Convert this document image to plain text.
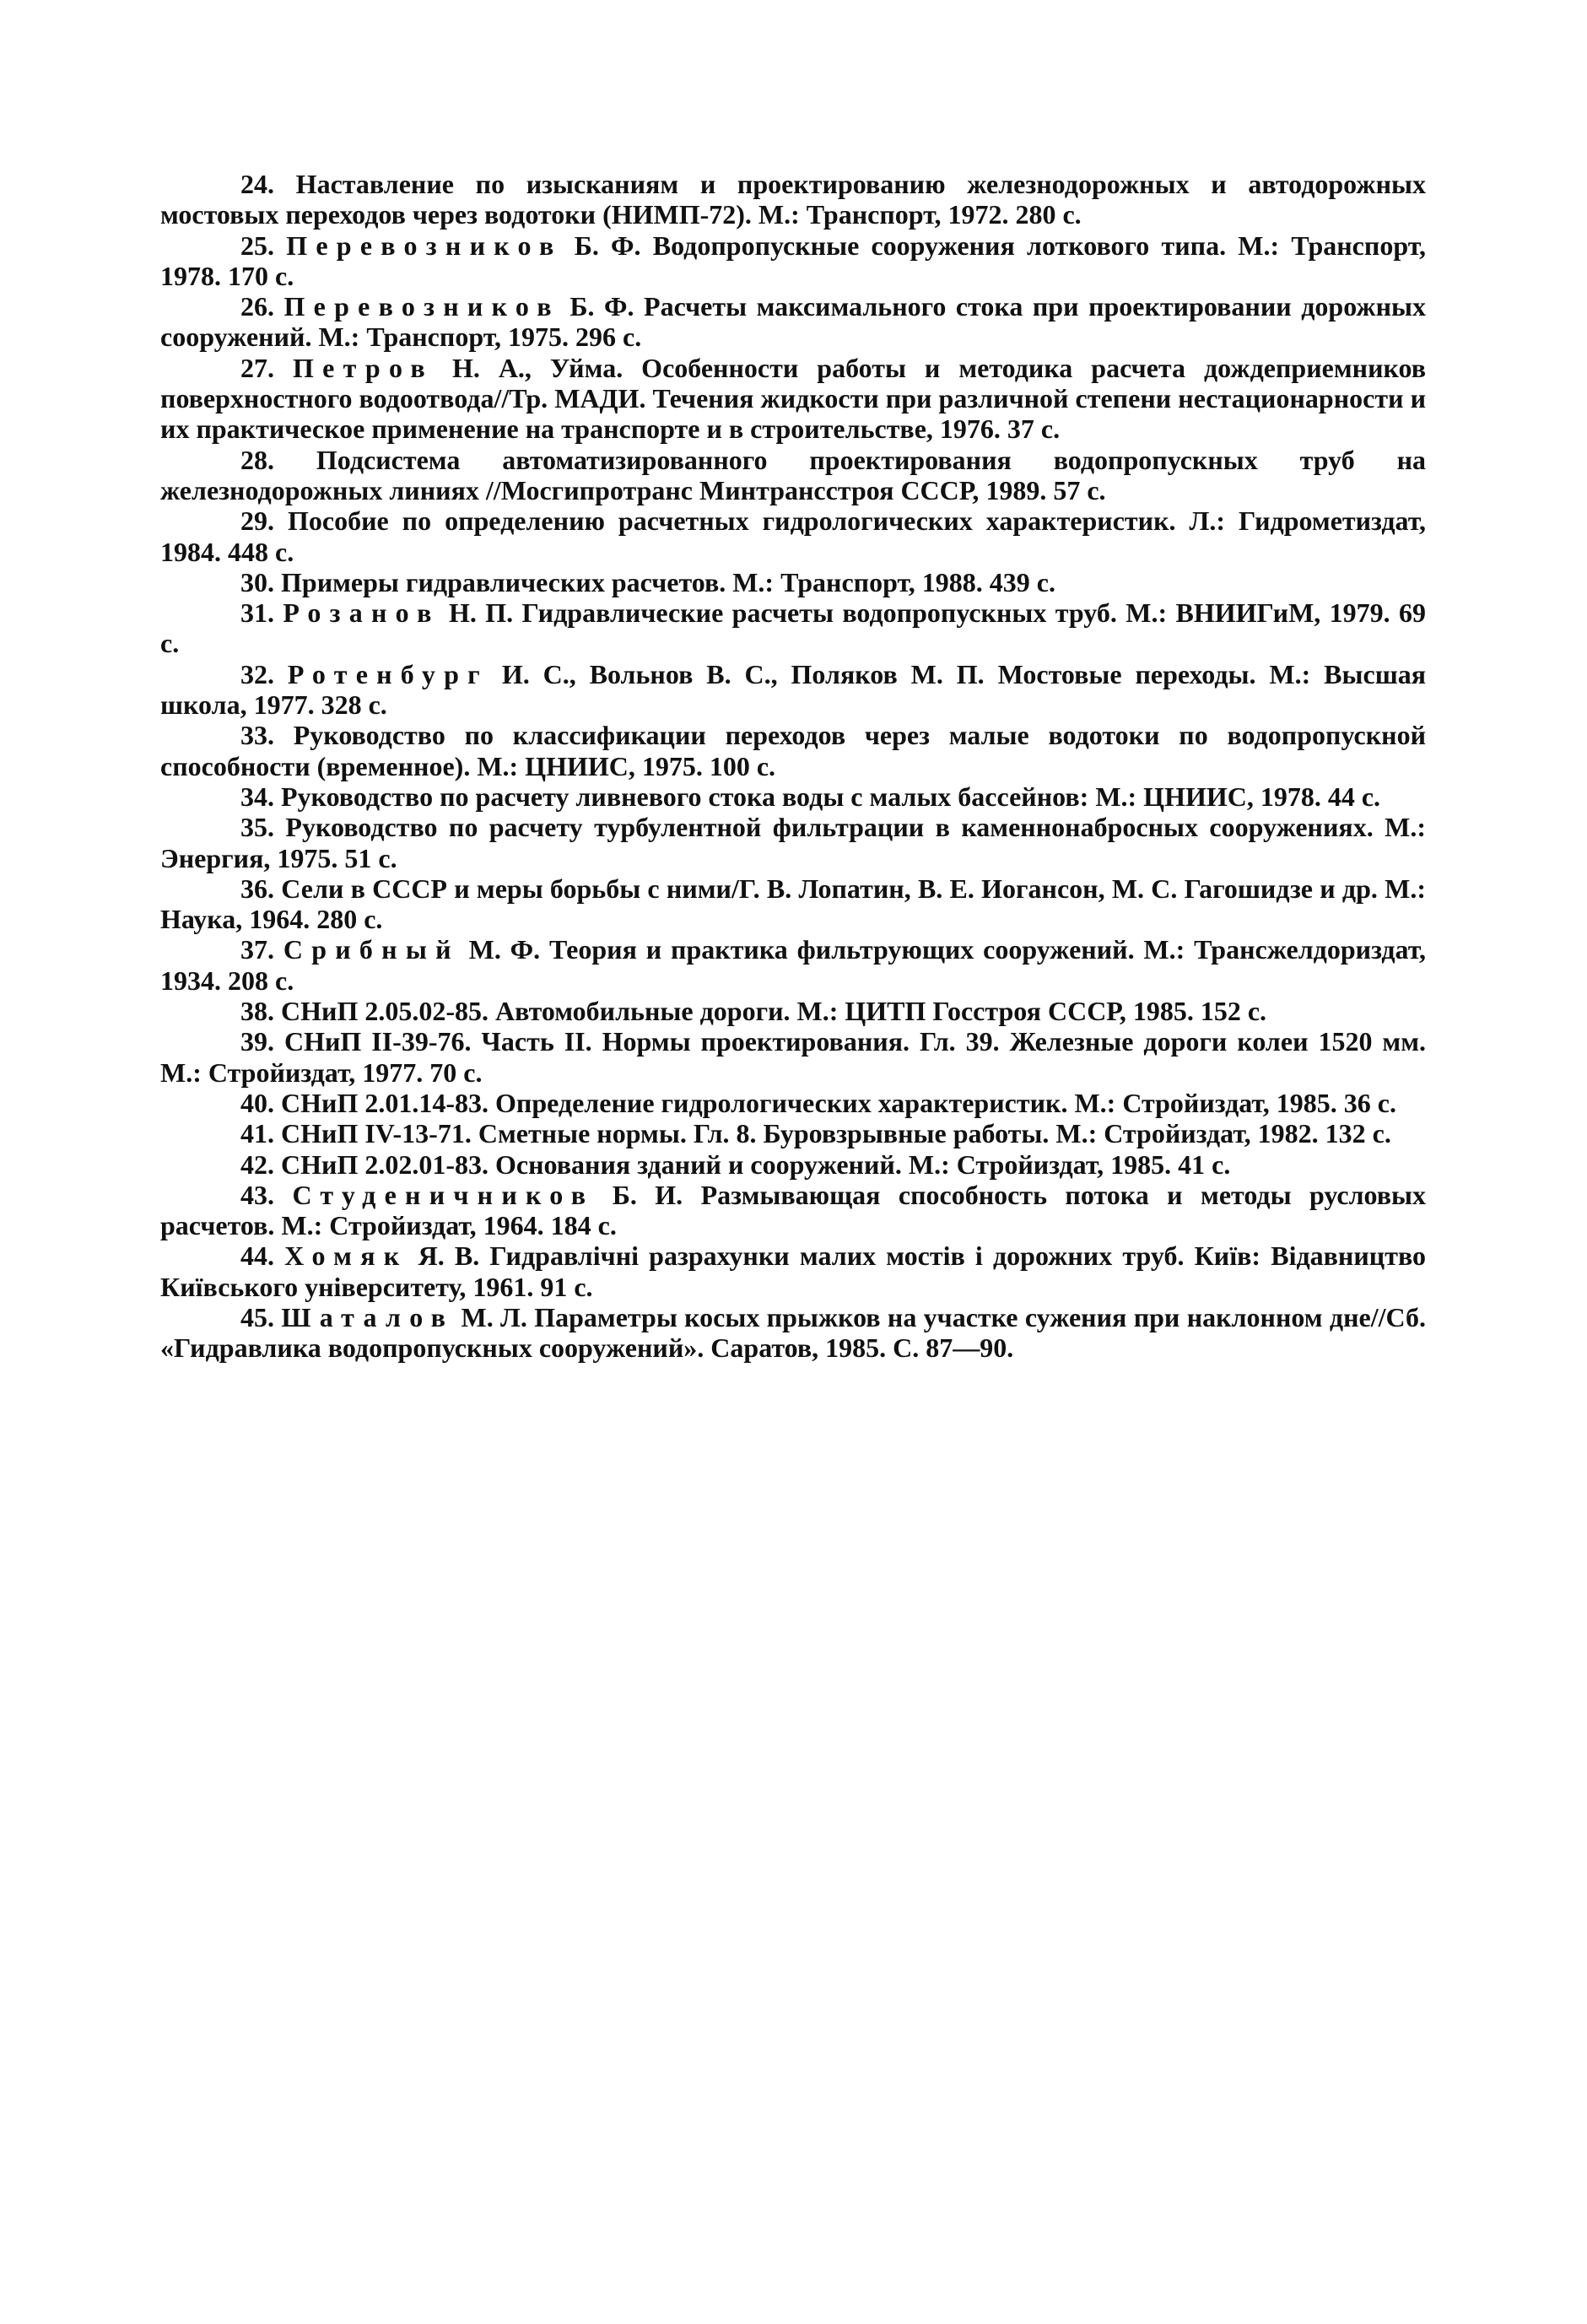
24. Наставление по изысканиям и проектированию железнодорожных и автодорожных мостовых переходов через водотоки (НИМП-72). М.: Транспорт, 1972. 280 с.

25. Перевозников Б. Ф. Водопропускные сооружения лоткового типа. М.: Транспорт, 1978. 170 с.

26. Перевозников Б. Ф. Расчеты максимального стока при проектировании дорожных сооружений. М.: Транспорт, 1975. 296 с.

27. Петров Н. А., Уйма. Особенности работы и методика расчета дождеприемников поверхностного водоотвода//Тр. МАДИ. Течения жидкости при различной степени нестационарности и их практическое применение на транспорте и в строительстве, 1976. 37 с.

28. Подсистема автоматизированного проектирования водопропускных труб на железнодорожных линиях //Мосгипротранс Минтрансстроя СССР, 1989. 57 с.

29. Пособие по определению расчетных гидрологических характеристик. Л.: Гидрометиздат, 1984. 448 с.

30. Примеры гидравлических расчетов. М.: Транспорт, 1988. 439 с.

31. Розанов Н. П. Гидравлические расчеты водопропускных труб. М.: ВНИИГиМ, 1979. 69 с.

32. Ротенбург И. С., Вольнов В. С., Поляков М. П. Мостовые переходы. М.: Высшая школа, 1977. 328 с.

33. Руководство по классификации переходов через малые водотоки по водопропускной способности (временное). М.: ЦНИИС, 1975. 100 с.

34. Руководство по расчету ливневого стока воды с малых бассейнов: М.: ЦНИИС, 1978. 44 с.

35. Руководство по расчету турбулентной фильтрации в каменнонабросных сооружениях. М.: Энергия, 1975. 51 с.

36. Сели в СССР и меры борьбы с ними/Г. В. Лопатин, В. Е. Иогансон, М. С. Гагошидзе и др. М.: Наука, 1964. 280 с.

37. Срибный М. Ф. Теория и практика фильтрующих сооружений. М.: Трансжелдориздат, 1934. 208 с.

38. СНиП 2.05.02-85. Автомобильные дороги. М.: ЦИТП Госстроя СССР, 1985. 152 с.

39. СНиП II-39-76. Часть II. Нормы проектирования. Гл. 39. Железные дороги колеи 1520 мм. М.: Стройиздат, 1977. 70 с.

40. СНиП 2.01.14-83. Определение гидрологических характеристик. М.: Стройиздат, 1985. 36 с.

41. СНиП IV-13-71. Сметные нормы. Гл. 8. Буровзрывные работы. М.: Стройиздат, 1982. 132 с.

42. СНиП 2.02.01-83. Основания зданий и сооружений. М.: Стройиздат, 1985. 41 с.

43. Студеничников Б. И. Размывающая способность потока и методы русловых расчетов. М.: Стройиздат, 1964. 184 с.

44. Хомяк Я. В. Гидравлічні разрахунки малих мостів і дорожних труб. Київ: Відавництво Київського університету, 1961. 91 с.

45. Шаталов М. Л. Параметры косых прыжков на участке сужения при наклонном дне//Сб. «Гидравлика водопропускных сооружений». Саратов, 1985. С. 87—90.
